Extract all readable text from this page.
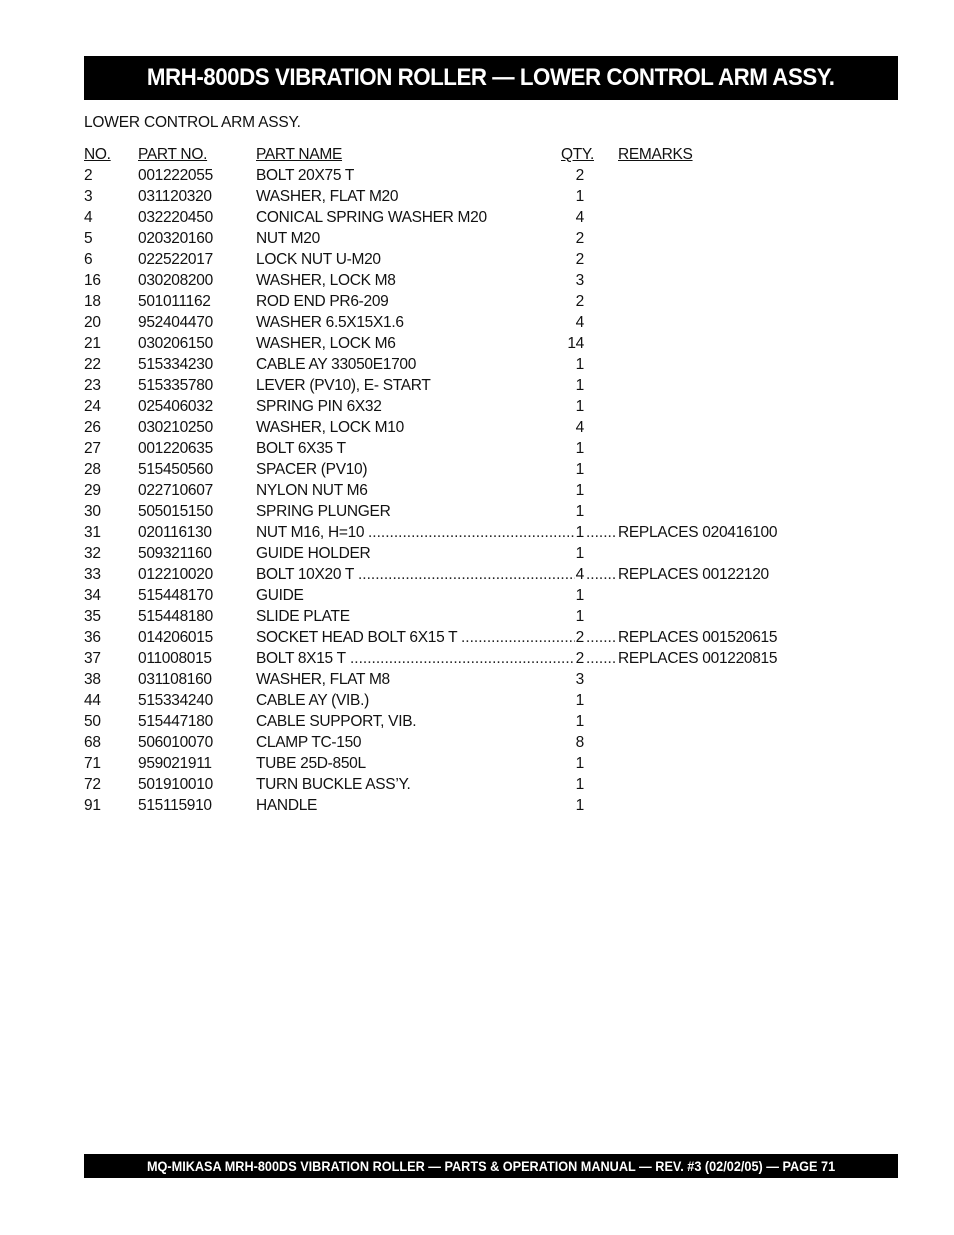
MRH-800DS VIBRATION ROLLER — LOWER CONTROL ARM ASSY.
LOWER CONTROL ARM ASSY.
NO. PART NO.	PART NAME	QTY. REMARKS
2	001222055	BOLT 20X75 T	2
3	031120320	WASHER, FLAT M20	1
4	032220450	CONICAL SPRING WASHER M20	4
5	020320160	NUT M20	2
6	022522017	LOCK NUT U-M20	2
16 030208200	WASHER, LOCK M8	3
18 501011162	ROD END PR6-209	2
20 952404470	WASHER 6.5X15X1.6	4
21 030206150	WASHER, LOCK M6	14
22 515334230	CABLE AY 33050E1700	1
23 515335780	LEVER (PV10), E- START	1
24 025406032	SPRING PIN 6X32	1
26 030210250	WASHER, LOCK M10	4
27 001220635	BOLT 6X35 T	1
28 515450560	SPACER (PV10)	1
29 022710607	NYLON NUT M6	1
30 505015150	SPRING PLUNGER	1
31 020116130	NUT M16, H=10	1 REPLACES 020416100
.....
.....
32 509321160	GUIDE HOLDER	1
33 012210020	BOLT 10X20 T	4 REPLACES 00122120
.....
.....
34 515448170	GUIDE	1
35 515448180	SLIDE PLATE	1
36 014206015	SOCKET HEAD BOLT 6X15 T	2 REPLACES 001520615
.....
.....
37 011008015	BOLT 8X15 T	2 REPLACES 001220815
.....
.....
38 031108160	WASHER, FLAT M8	3
44 515334240	CABLE AY (VIB.)	1
50 515447180	CABLE SUPPORT, VIB.	1
68 506010070	CLAMP TC-150	8
71 959021911	TUBE 25D-850L	1
72 501910010	TURN BUCKLE ASS’Y.	1
91 515115910	HANDLE	1
MQ-MIKASA MRH-800DS VIBRATION ROLLER — PARTS & OPERATION MANUAL — REV. #3 (02/02/05) — PAGE 71
